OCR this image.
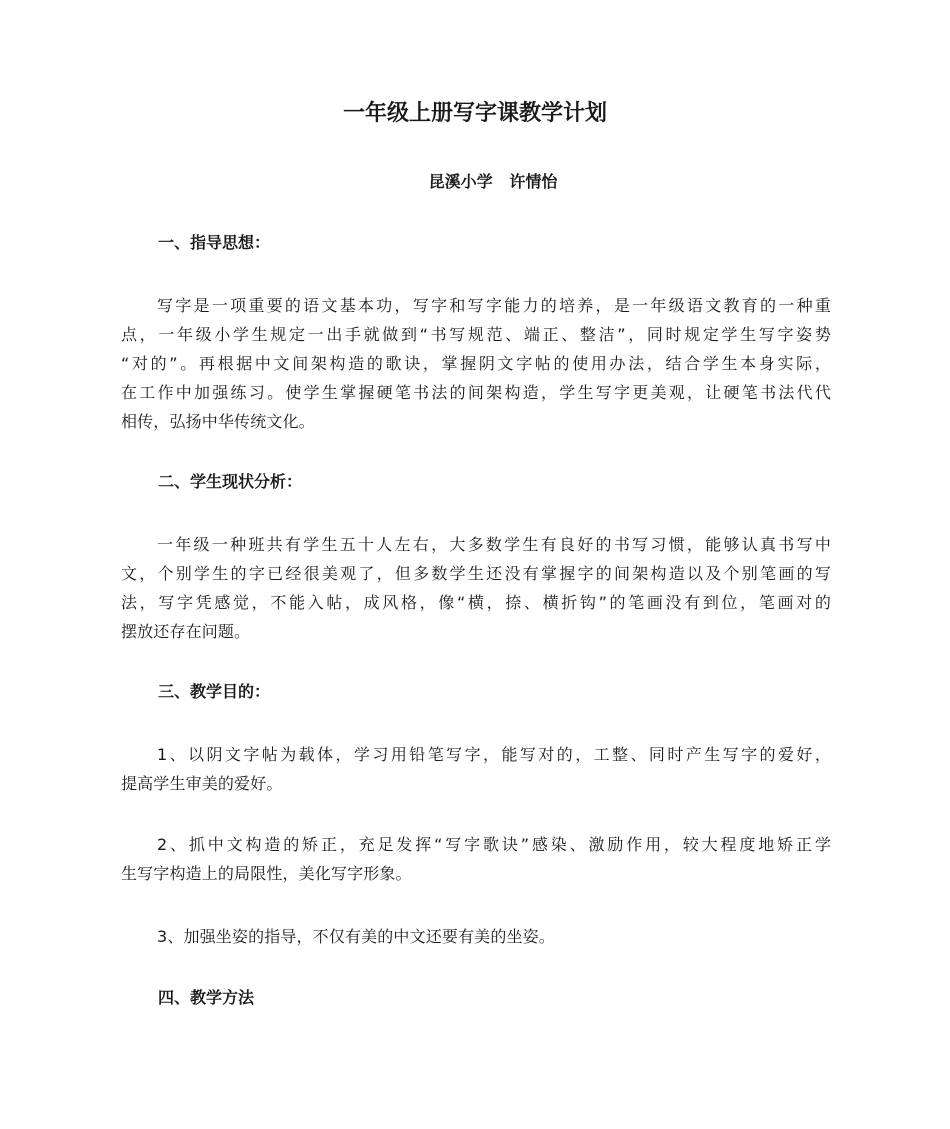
一年级上册写字课教学计划

昆溪小学   许情怡

一、指导思想：

写字是一项重要的语文基本功，写字和写字能力的培养，是一年级语文教育的一种重
点，一年级小学生规定一出手就做到“书写规范、端正、整洁”，同时规定学生写字姿势
“对的”。再根据中文间架构造的歌诀，掌握阴文字帖的使用办法，结合学生本身实际，
在工作中加强练习。使学生掌握硬笔书法的间架构造，学生写字更美观，让硬笔书法代代
相传，弘扬中华传统文化。

二、学生现状分析：

一年级一种班共有学生五十人左右，大多数学生有良好的书写习惯，能够认真书写中
文，个别学生的字已经很美观了，但多数学生还没有掌握字的间架构造以及个别笔画的写
法，写字凭感觉，不能入帖，成风格，像“横，捺、横折钩”的笔画没有到位，笔画对的
摆放还存在问题。

三、教学目的：

1、以阴文字帖为载体，学习用铅笔写字，能写对的，工整、同时产生写字的爱好，
提高学生审美的爱好。
2、抓中文构造的矫正，充足发挥“写字歌诀”感染、激励作用，较大程度地矫正学
生写字构造上的局限性，美化写字形象。
3、加强坐姿的指导，不仅有美的中文还要有美的坐姿。

四、教学方法
